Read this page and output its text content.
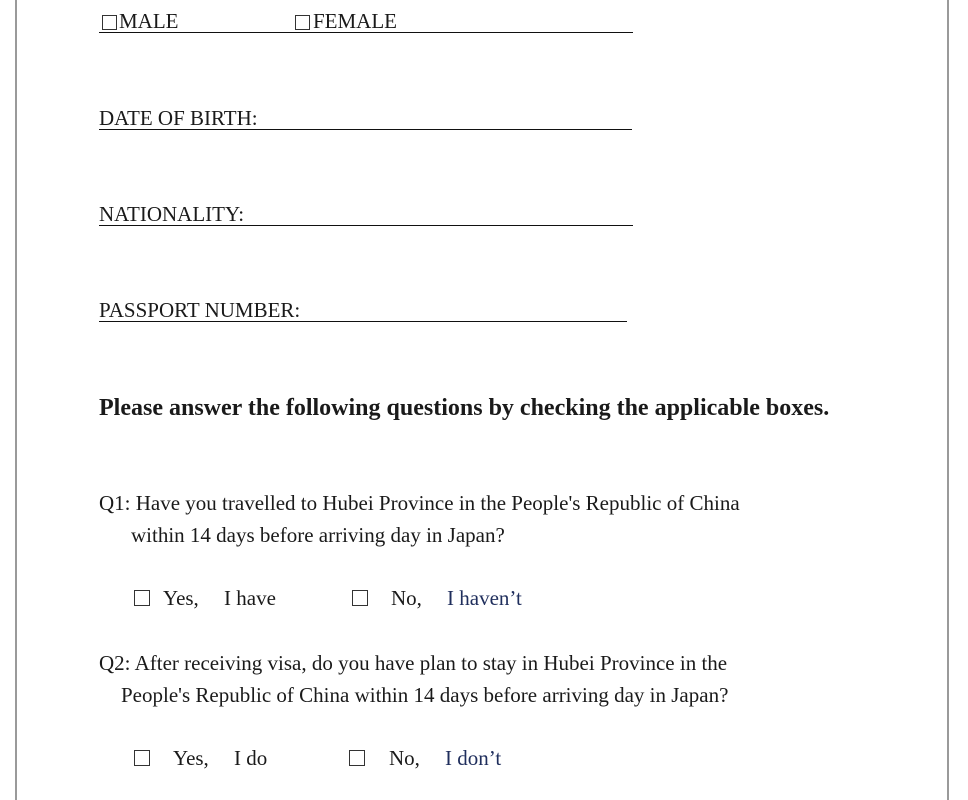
MALE	FEMALE
DATE OF BIRTH:
NATIONALITY:
PASSPORT NUMBER:
Please answer the following questions by checking the applicable boxes.
Q1: Have you travelled to Hubei Province in the People's Republic of China
within 14 days before arriving day in Japan?
Yes, I have	No, I haven’t
Q2: After receiving visa, do you have plan to stay in Hubei Province in the
People's Republic of China within 14 days before arriving day in Japan?
Yes, I do	No, I don’t
